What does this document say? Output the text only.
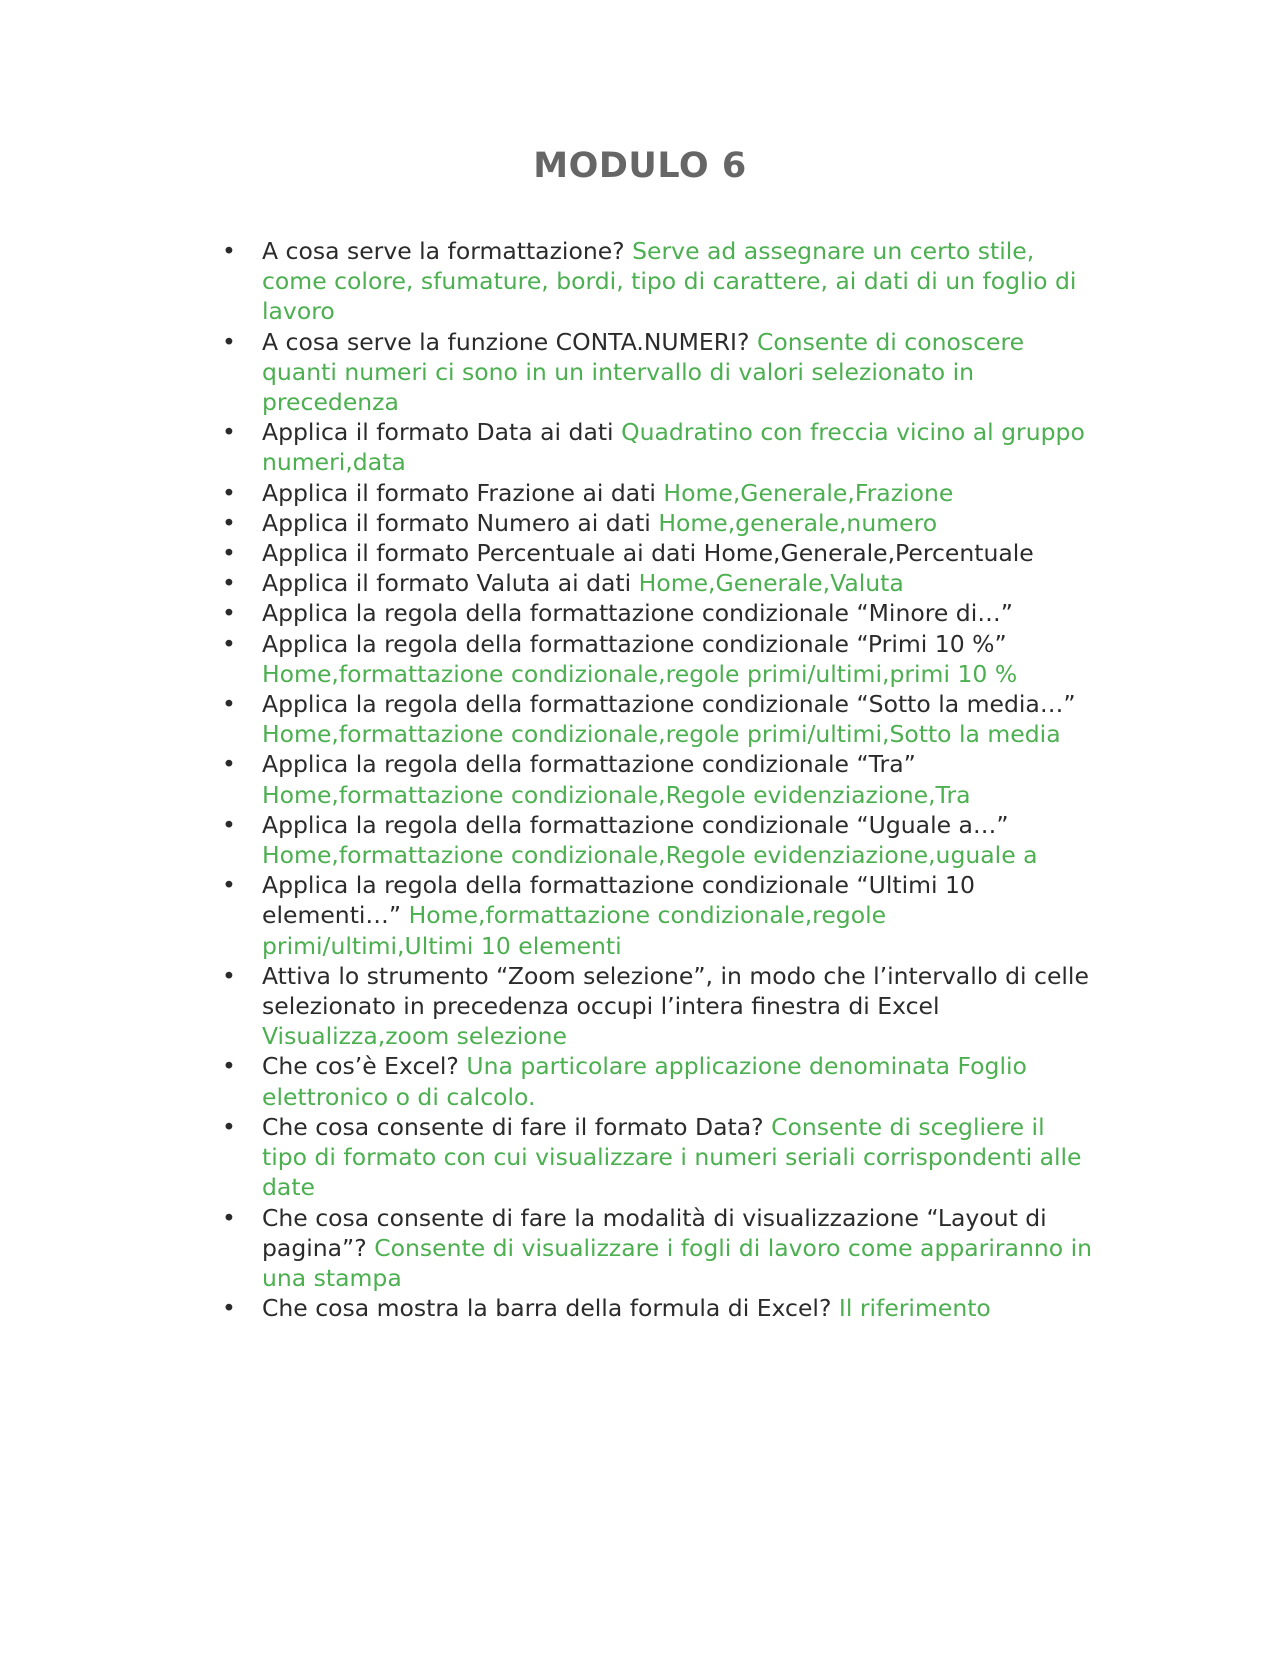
MODULO 6
• A cosa serve la formattazione? Serve ad assegnare un certo stile, come colore, sfumature, bordi, tipo di carattere, ai dati di un foglio di lavoro
• A cosa serve la funzione CONTA.NUMERI? Consente di conoscere quanti numeri ci sono in un intervallo di valori selezionato in precedenza
• Applica il formato Data ai dati Quadratino con freccia vicino al gruppo numeri,data
• Applica il formato Frazione ai dati Home,Generale,Frazione
• Applica il formato Numero ai dati Home,generale,numero
• Applica il formato Percentuale ai dati Home,Generale,Percentuale
• Applica il formato Valuta ai dati Home,Generale,Valuta
• Applica la regola della formattazione condizionale “Minore di…”
• Applica la regola della formattazione condizionale “Primi 10 %” Home,formattazione condizionale,regole primi/ultimi,primi 10 %
• Applica la regola della formattazione condizionale “Sotto la media…” Home,formattazione condizionale,regole primi/ultimi,Sotto la media
• Applica la regola della formattazione condizionale “Tra” Home,formattazione condizionale,Regole evidenziazione,Tra
• Applica la regola della formattazione condizionale “Uguale a…” Home,formattazione condizionale,Regole evidenziazione,uguale a
• Applica la regola della formattazione condizionale “Ultimi 10 elementi…” Home,formattazione condizionale,regole primi/ultimi,Ultimi 10 elementi
• Attiva lo strumento “Zoom selezione”, in modo che l’intervallo di celle selezionato in precedenza occupi l’intera finestra di Excel Visualizza,zoom selezione
• Che cos’è Excel? Una particolare applicazione denominata Foglio elettronico o di calcolo.
• Che cosa consente di fare il formato Data? Consente di scegliere il tipo di formato con cui visualizzare i numeri seriali corrispondenti alle date
• Che cosa consente di fare la modalità di visualizzazione “Layout di pagina”? Consente di visualizzare i fogli di lavoro come appariranno in una stampa
• Che cosa mostra la barra della formula di Excel? Il riferimento
